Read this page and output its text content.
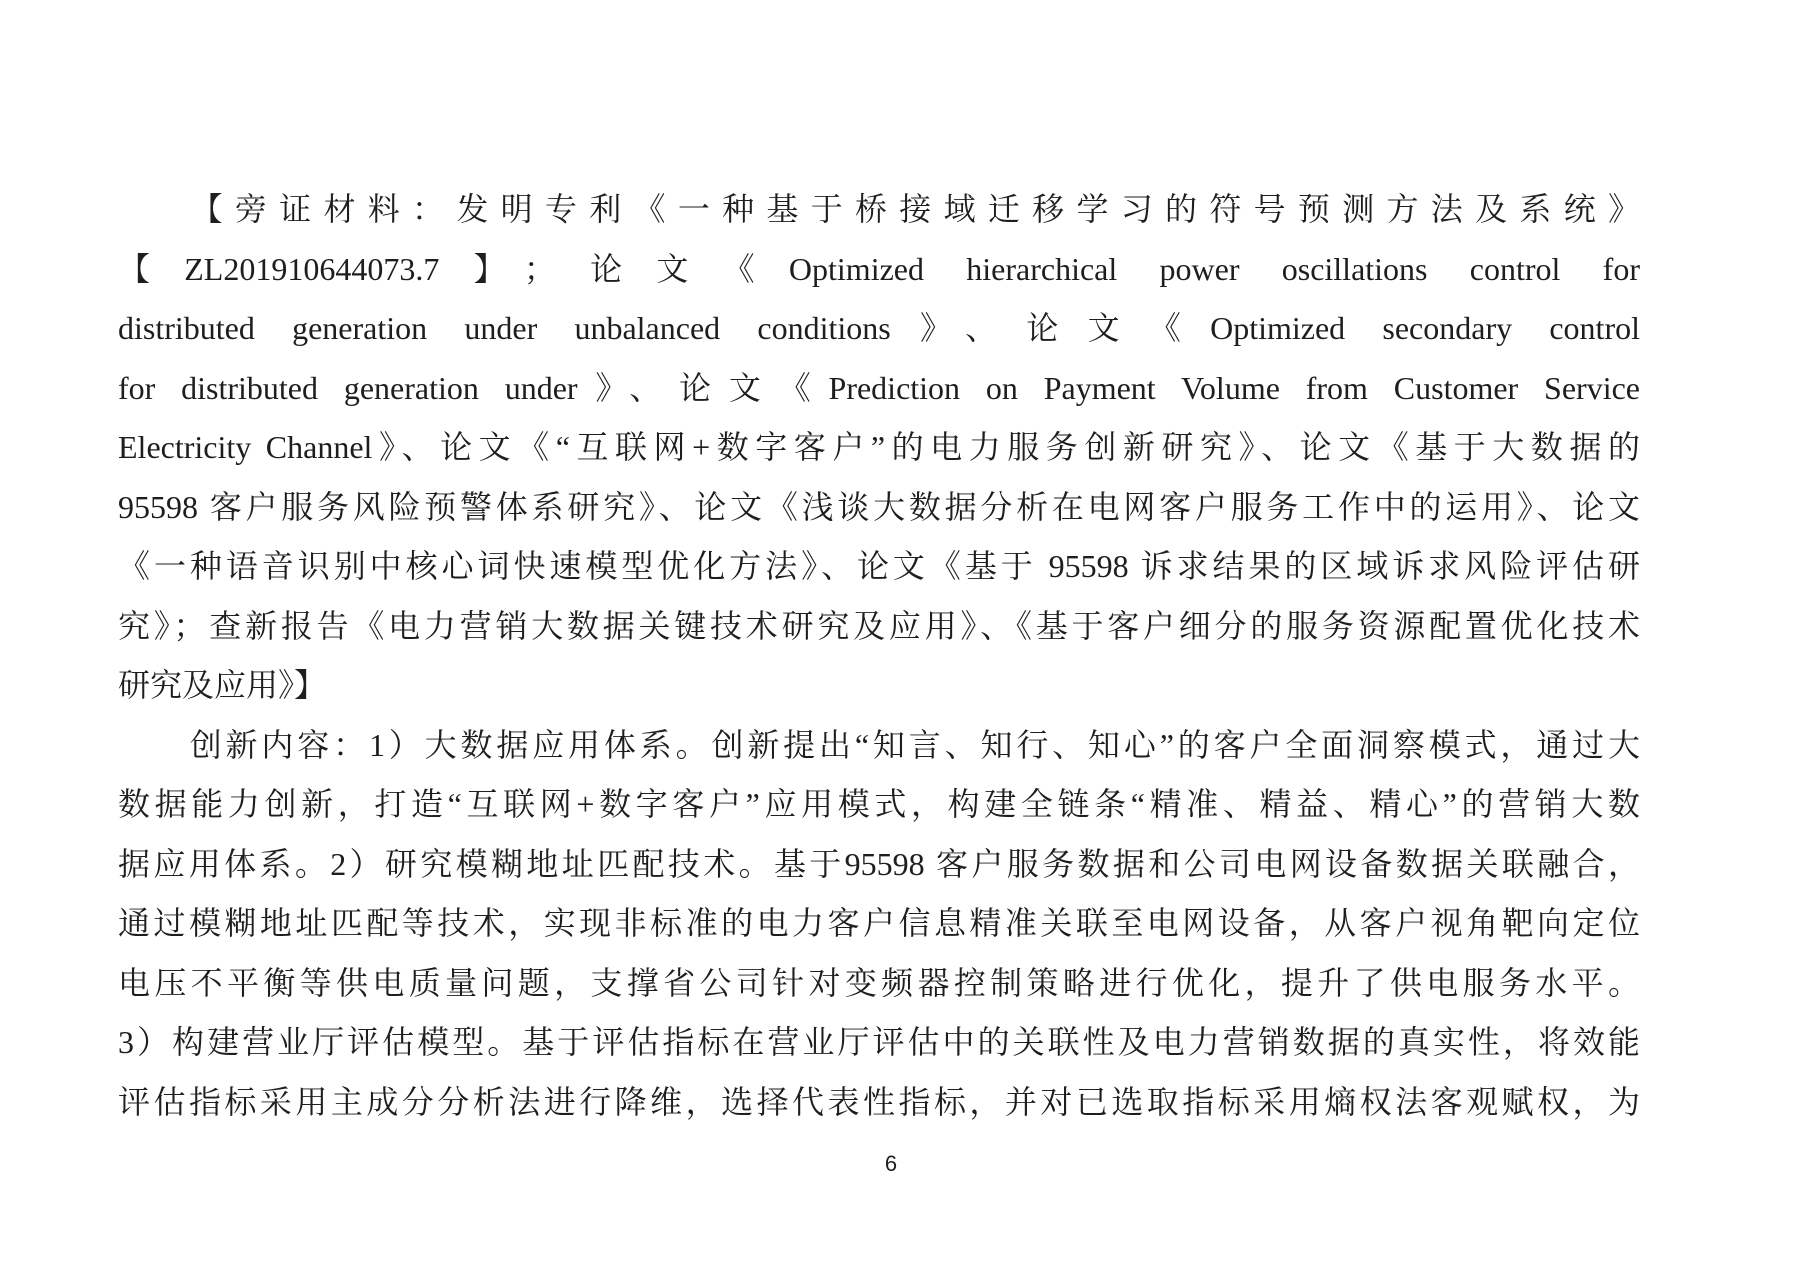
　　【旁证材料：发明专利《一种基于桥接域迁移学习的符号预测方法及系统》
【ZL201910644073.7】；论文《Optimized hierarchical power oscillations control for
distributed generation under unbalanced conditions》、论文《Optimized secondary control
for distributed generation under》、论文《Prediction on Payment Volume from Customer Service
Electricity Channel》、论文《“互联网+数字客户”的电力服务创新研究》、论文《基于大数据的
95598 客户服务风险预警体系研究》、论文《浅谈大数据分析在电网客户服务工作中的运用》、论文
《一种语音识别中核心词快速模型优化方法》、论文《基于 95598 诉求结果的区域诉求风险评估研
究》；查新报告《电力营销大数据关键技术研究及应用》、《基于客户细分的服务资源配置优化技术
研究及应用》】
　　创新内容：1）大数据应用体系。创新提出“知言、知行、知心”的客户全面洞察模式，通过大
数据能力创新，打造“互联网+数字客户”应用模式，构建全链条“精准、精益、精心”的营销大数
据应用体系。2）研究模糊地址匹配技术。基于95598 客户服务数据和公司电网设备数据关联融合，
通过模糊地址匹配等技术，实现非标准的电力客户信息精准关联至电网设备，从客户视角靶向定位
电压不平衡等供电质量问题，支撑省公司针对变频器控制策略进行优化，提升了供电服务水平。
3）构建营业厅评估模型。基于评估指标在营业厅评估中的关联性及电力营销数据的真实性，将效能
评估指标采用主成分分析法进行降维，选择代表性指标，并对已选取指标采用熵权法客观赋权，为
6
